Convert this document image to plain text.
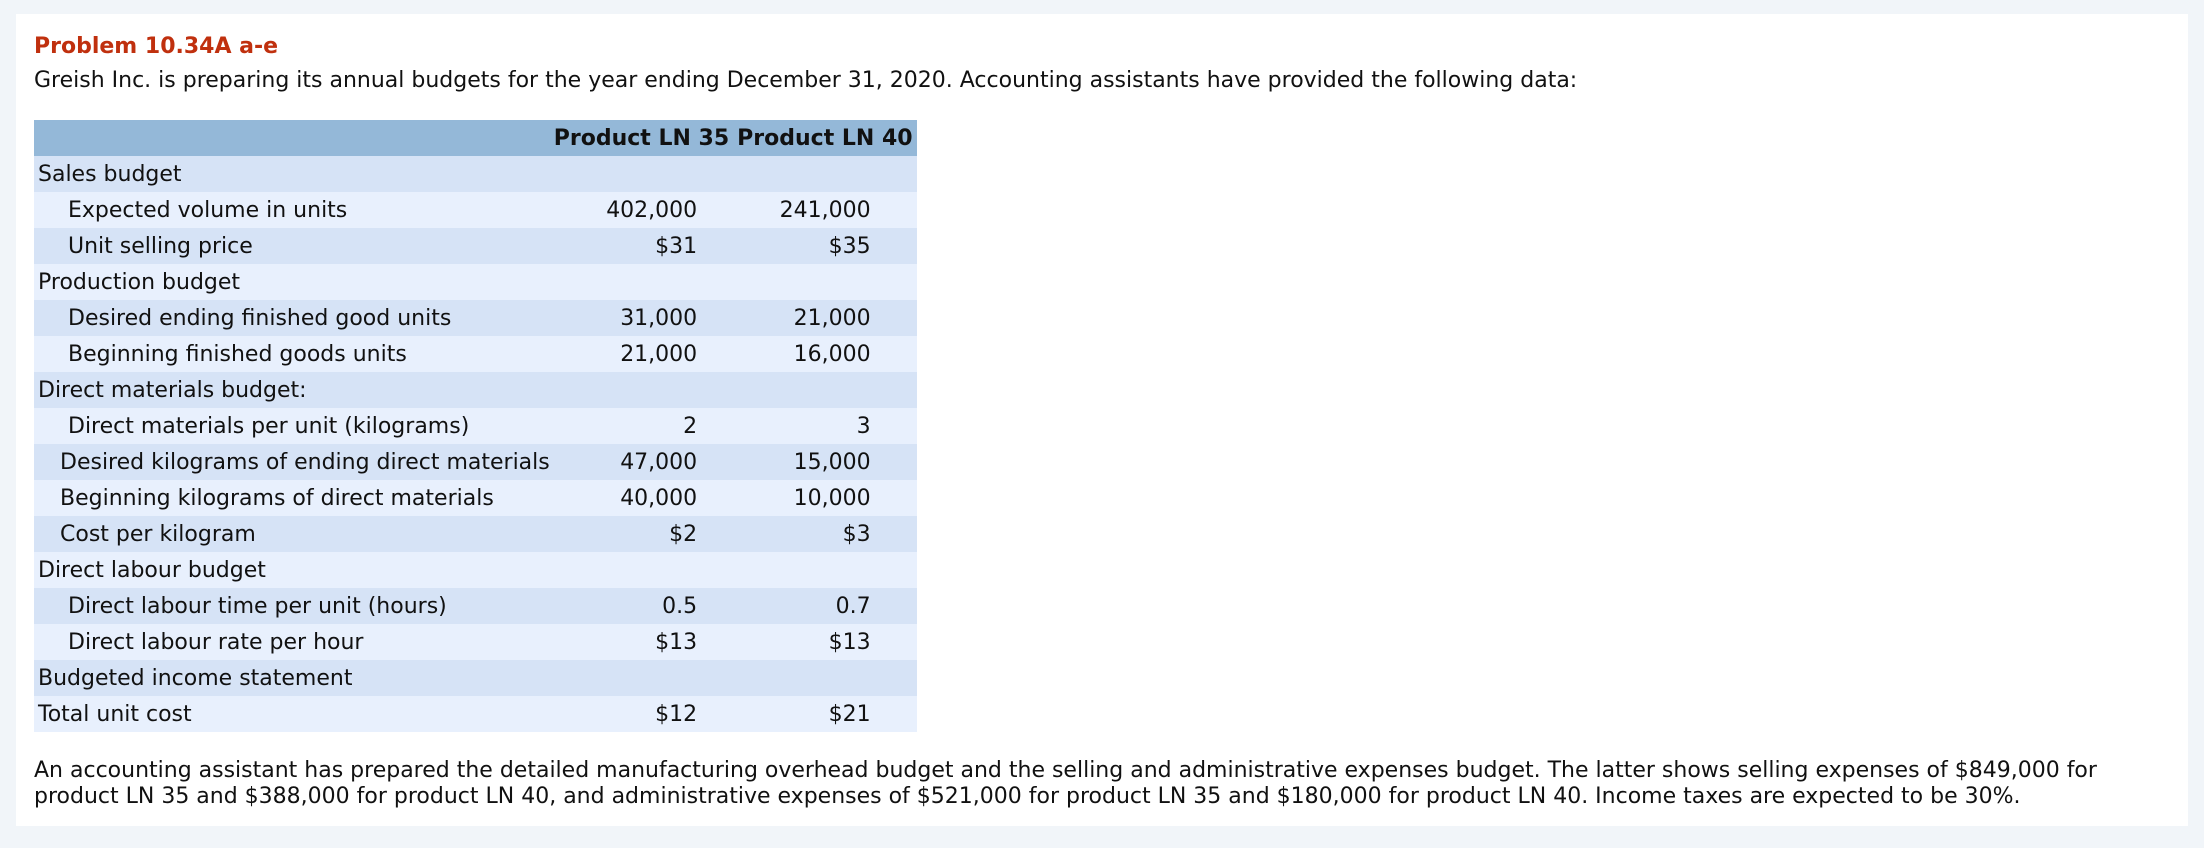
Problem 10.34A a-e
Greish Inc. is preparing its annual budgets for the year ending December 31, 2020. Accounting assistants have provided the following data:
	Product LN 35	Product LN 40
Sales budget		
Expected volume in units	402,000	241,000
Unit selling price	$31	$35
Production budget		
Desired ending finished good units	31,000	21,000
Beginning finished goods units	21,000	16,000
Direct materials budget:		
Direct materials per unit (kilograms)	2	3
Desired kilograms of ending direct materials	47,000	15,000
Beginning kilograms of direct materials	40,000	10,000
Cost per kilogram	$2	$3
Direct labour budget		
Direct labour time per unit (hours)	0.5	0.7
Direct labour rate per hour	$13	$13
Budgeted income statement		
Total unit cost	$12	$21
An accounting assistant has prepared the detailed manufacturing overhead budget and the selling and administrative expenses budget. The latter shows selling expenses of $849,000 for product LN 35 and $388,000 for product LN 40, and administrative expenses of $521,000 for product LN 35 and $180,000 for product LN 40. Income taxes are expected to be 30%.
